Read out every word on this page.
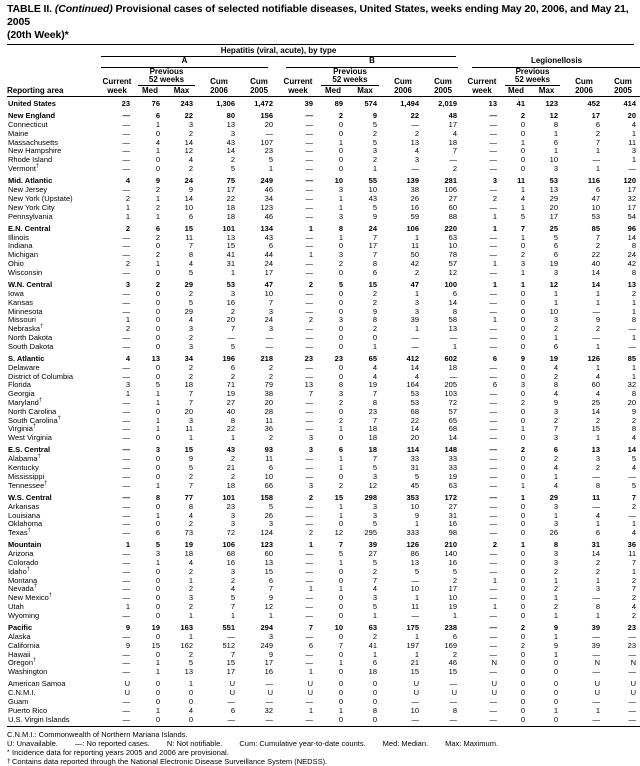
TABLE II. (Continued) Provisional cases of selected notifiable diseases, United States, weeks ending May 20, 2006, and May 21, 2005
(20th Week)*

	Hepatitis (viral, acute), by type														

	A					B					Legionellosis				

Reporting area	Current
week	Previous
52 weeks		Cum
2006	Cum
2005	Current
week	Previous
52 weeks		Cum
2006	Cum
2005	Current
week	Previous
52 weeks		Cum
2006	Cum
2005

		Med	Max				Med	Max				Med	Max		
United States	23	76	243	1,306	1,472	39	89	574	1,494	2,019	13	41	123	452	414

New England	—	6	22	80	156	—	2	9	22	48	—	2	12	17	20
Connecticut	—	1	3	13	20	—	0	5	—	17	—	0	8	6	4
Maine	—	0	2	3	—	—	0	2	2	4	—	0	1	2	1
Massachusetts	—	4	14	43	107	—	1	5	13	18	—	1	6	7	11
New Hampshire	—	1	12	14	23	—	0	3	4	7	—	0	1	1	3
Rhode Island	—	0	4	2	5	—	0	2	3	—	—	0	10	—	1
Vermont†	—	0	2	5	1	—	0	1	—	2	—	0	3	1	—

Mid. Atlantic	4	9	24	75	249	—	10	55	139	281	3	11	53	116	120
New Jersey	—	2	9	17	46	—	3	10	38	106	—	1	13	6	17
New York (Upstate)	2	1	14	22	34	—	1	43	26	27	2	4	29	47	32
New York City	1	2	10	18	123	—	1	5	16	60	—	1	20	10	17
Pennsylvania	1	1	6	18	46	—	3	9	59	88	1	5	17	53	54

E.N. Central	2	6	15	101	134	1	8	24	106	220	1	7	25	85	96
Illinois	—	2	11	13	43	—	1	7	1	63	—	1	5	7	14
Indiana	—	0	7	15	6	—	0	17	11	10	—	0	6	2	8
Michigan	—	2	8	41	44	1	3	7	50	78	—	2	6	22	24
Ohio	2	1	4	31	24	—	2	8	42	57	1	3	19	40	42
Wisconsin	—	0	5	1	17	—	0	6	2	12	—	1	3	14	8

W.N. Central	3	2	29	53	47	2	5	15	47	100	1	1	12	14	13
Iowa	—	0	2	3	10	—	0	2	1	6	—	0	1	1	2
Kansas	—	0	5	16	7	—	0	2	3	14	—	0	1	1	1
Minnesota	—	0	29	2	3	—	0	9	3	8	—	0	10	—	1
Missouri	1	0	4	20	24	2	3	8	39	58	1	0	3	9	8
Nebraska†	2	0	3	7	3	—	0	2	1	13	—	0	2	2	—
North Dakota	—	0	2	—	—	—	0	0	—	—	—	0	1	—	1
South Dakota	—	0	3	5	—	—	0	1	—	1	—	0	6	1	—

S. Atlantic	4	13	34	196	218	23	23	65	412	602	6	9	19	126	85
Delaware	—	0	2	6	2	—	0	4	14	18	—	0	4	1	1
District of Columbia	—	0	2	2	2	—	0	4	4	—	—	0	2	4	1
Florida	3	5	18	71	79	13	8	19	164	205	6	3	8	60	32
Georgia	1	1	7	19	38	7	3	7	53	103	—	0	4	4	8
Maryland†	—	1	7	27	20	—	2	8	53	72	—	2	9	25	20
North Carolina	—	0	20	40	28	—	0	23	68	57	—	0	3	14	9
South Carolina†	—	1	3	8	11	—	2	7	22	65	—	0	2	2	2
Virginia†	—	1	11	22	36	—	1	18	14	68	—	1	7	15	8
West Virginia	—	0	1	1	2	3	0	18	20	14	—	0	3	1	4

E.S. Central	—	3	15	43	93	3	6	18	114	148	—	2	6	13	14
Alabama†	—	0	9	2	11	—	1	7	33	33	—	0	2	3	5
Kentucky	—	0	5	21	6	—	1	5	31	33	—	0	4	2	4
Mississippi	—	0	2	2	10	—	0	3	5	19	—	0	1	—	—
Tennessee†	—	1	7	18	66	3	2	12	45	63	—	1	4	8	5

W.S. Central	—	8	77	101	158	2	15	298	353	172	—	1	29	11	7
Arkansas	—	0	8	23	5	—	1	3	10	27	—	0	3	—	2
Louisiana	—	1	4	3	26	—	1	3	9	31	—	0	1	4	—
Oklahoma	—	0	2	3	3	—	0	5	1	16	—	0	3	1	1
Texas†	—	6	73	72	124	2	12	295	333	98	—	0	26	6	4

Mountain	1	5	19	106	123	1	7	39	126	210	2	1	8	31	36
Arizona	—	3	18	68	60	—	5	27	86	140	—	0	3	14	11
Colorado	—	1	4	16	13	—	1	5	13	16	—	0	3	2	7
Idaho†	—	0	2	3	15	—	0	2	5	5	—	0	2	2	1
Montana	—	0	1	2	6	—	0	7	—	2	1	0	1	1	2
Nevada†	—	0	2	4	7	1	1	4	10	17	—	0	2	3	7
New Mexico†	—	0	3	5	9	—	0	3	1	10	—	0	1	—	2
Utah	1	0	2	7	12	—	0	5	11	19	1	0	2	8	4
Wyoming	—	0	1	1	1	—	0	1	—	1	—	0	1	1	2

Pacific	9	19	163	551	294	7	10	63	175	238	—	2	9	39	23
Alaska	—	0	1	—	3	—	0	2	1	6	—	0	1	—	—
California	9	15	162	512	249	6	7	41	197	169	—	2	9	39	23
Hawaii	—	0	2	7	9	—	0	1	1	2	—	0	1	—	—
Oregon†	—	1	5	15	17	—	1	6	21	46	N	0	0	N	N
Washington	—	1	13	17	16	1	0	18	15	15	—	0	0	—	—

American Samoa	U	0	1	U	—	U	0	0	U	—	U	0	0	U	U
C.N.M.I.	U	0	0	U	U	U	0	0	U	U	U	0	0	U	U
Guam	—	0	0	—	—	—	0	0	—	—	—	0	0	—	—
Puerto Rico	—	1	4	6	32	1	1	8	10	8	—	0	1	1	—
U.S. Virgin Islands	—	0	0	—	—	—	0	0	—	—	—	0	0	—	—
C.N.M.I.: Commonwealth of Northern Mariana Islands.
U: Unavailable. —: No reported cases. N: Not notifiable. Cum: Cumulative year-to-date counts. Med: Median. Max: Maximum.
* Incidence data for reporting years 2005 and 2006 are provisional.
†Contains data reported through the National Electronic Disease Surveillance System (NEDSS).
